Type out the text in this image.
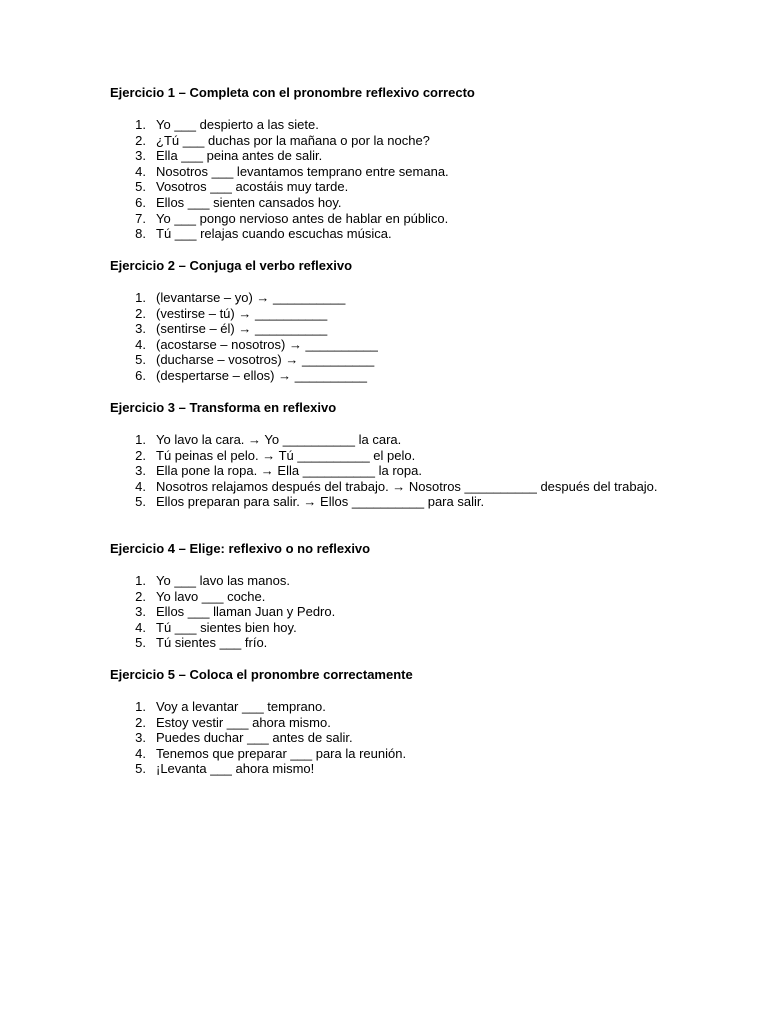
Ejercicio 1 – Completa con el pronombre reflexivo correcto
1. Yo ___ despierto a las siete.
2. ¿Tú ___ duchas por la mañana o por la noche?
3. Ella ___ peina antes de salir.
4. Nosotros ___ levantamos temprano entre semana.
5. Vosotros ___ acostáis muy tarde.
6. Ellos ___ sienten cansados hoy.
7. Yo ___ pongo nervioso antes de hablar en público.
8. Tú ___ relajas cuando escuchas música.
Ejercicio 2 – Conjuga el verbo reflexivo
1. (levantarse – yo) → __________
2. (vestirse – tú) → __________
3. (sentirse – él) → __________
4. (acostarse – nosotros) → __________
5. (ducharse – vosotros) → __________
6. (despertarse – ellos) → __________
Ejercicio 3 – Transforma en reflexivo
1. Yo lavo la cara. → Yo __________ la cara.
2. Tú peinas el pelo. → Tú __________ el pelo.
3. Ella pone la ropa. → Ella __________ la ropa.
4. Nosotros relajamos después del trabajo. → Nosotros __________ después del trabajo.
5. Ellos preparan para salir. → Ellos __________ para salir.
Ejercicio 4 – Elige: reflexivo o no reflexivo
1. Yo ___ lavo las manos.
2. Yo lavo ___ coche.
3. Ellos ___ llaman Juan y Pedro.
4. Tú ___ sientes bien hoy.
5. Tú sientes ___ frío.
Ejercicio 5 – Coloca el pronombre correctamente
1. Voy a levantar ___ temprano.
2. Estoy vestir ___ ahora mismo.
3. Puedes duchar ___ antes de salir.
4. Tenemos que preparar ___ para la reunión.
5. ¡Levanta ___ ahora mismo!
